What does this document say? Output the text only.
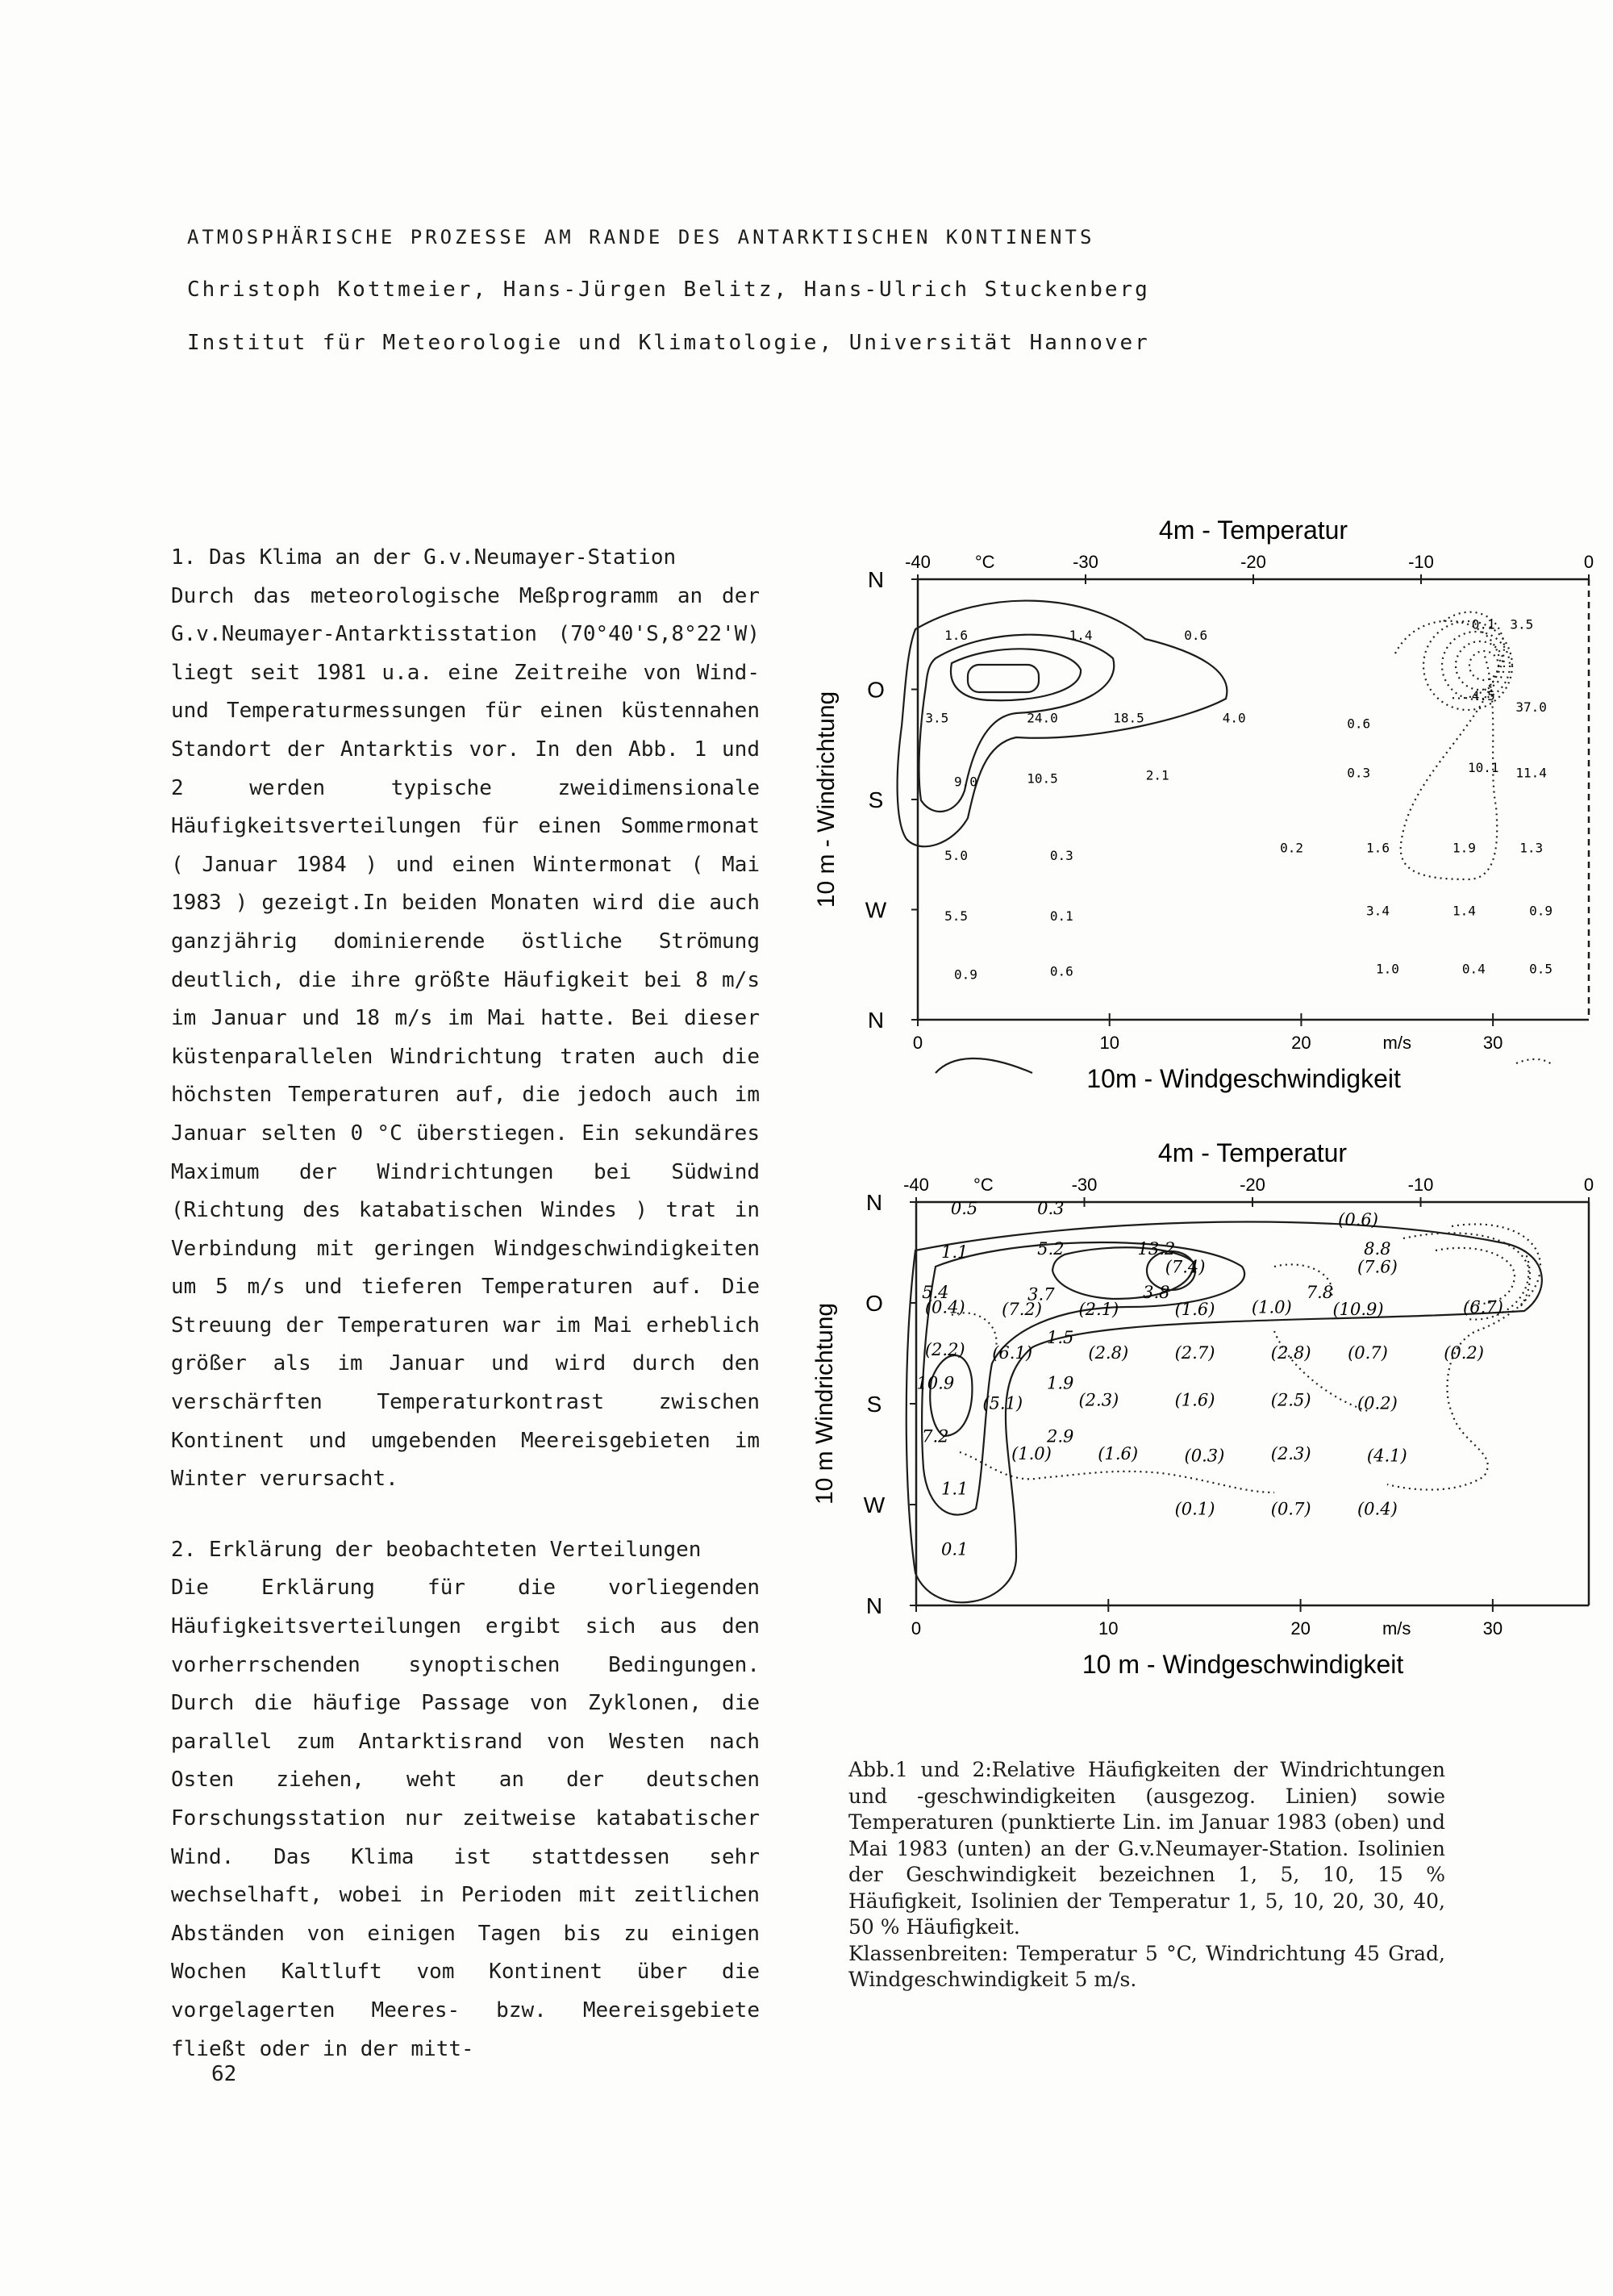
ATMOSPHÄRISCHE PROZESSE AM RANDE DES ANTARKTISCHEN KONTINENTS
Christoph Kottmeier, Hans-Jürgen Belitz, Hans-Ulrich Stuckenberg
Institut für Meteorologie und Klimatologie, Universität Hannover

1. Das Klima an der G.v.Neumayer-Station

Durch das meteorologische Meßprogramm an der G.v.Neumayer-Antarktisstation (70°40'S,8°22'W) liegt seit 1981 u.a. eine Zeitreihe von Wind- und Temperaturmessungen für einen küstennahen Standort der Antarktis vor. In den Abb. 1 und 2 werden typische zweidimensionale Häufigkeitsverteilungen für einen Sommermonat ( Januar 1984 ) und einen Wintermonat ( Mai 1983 ) gezeigt.In beiden Monaten wird die auch ganzjährig dominierende östliche Strömung deutlich, die ihre größte Häufigkeit bei 8 m/s im Januar und 18 m/s im Mai hatte. Bei dieser küstenparallelen Windrichtung traten auch die höchsten Temperaturen auf, die jedoch auch im Januar selten 0 °C überstiegen. Ein sekundäres Maximum der Windrichtungen bei Südwind (Richtung des katabatischen Windes ) trat in Verbindung mit geringen Windgeschwindigkeiten um 5 m/s und tieferen Temperaturen auf. Die Streuung der Temperaturen war im Mai erheblich größer als im Januar und wird durch den verschärften Temperaturkontrast zwischen Kontinent und umgebenden Meereisgebieten im Winter verursacht.

2. Erklärung der beobachteten Verteilungen

Die Erklärung für die vorliegenden Häufigkeitsverteilungen ergibt sich aus den vorherrschenden synoptischen Bedingungen. Durch die häufige Passage von Zyklonen, die parallel zum Antarktisrand von Westen nach Osten ziehen, weht an der deutschen Forschungsstation nur zeitweise katabatischer Wind. Das Klima ist stattdessen sehr wechselhaft, wobei in Perioden mit zeitlichen Abständen von einigen Tagen bis zu einigen Wochen Kaltluft vom Kontinent über die vorgelagerten Meeres- bzw. Meereisgebiete fließt oder in der mitt-

62
4m - Temperatur
-40 °C	-30	-20	-10	0
0	10	20	m/s	30
10m - Windgeschwindigkeit
N
O
S
W
N
10 m - Windrichtung
1.6	1.4	0.6
3.5	24.0	18.5	4.0	0.6
9.0	10.5	2.1	0.3
5.0	0.3
0.2	1.6	1.9	1.3
5.5	0.1	3.4	1.4	0.9
0.9	0.6	1.0	0.4	0.5
0.1 3.5
4.5
37.0
10.1 11.4
4m - Temperatur
-40	°C	-30	-20	-10	0
0	10	20	m/s	30
10 m - Windgeschwindigkeit
N
O
S
W
N
10 m Windrichtung
0.5	0.3
(0.6)
1.1	5.2	13.2	8.8
(7.4)	(7.6)
5.4	3.7	3.8	7.8
(0.4) (7.2) (2.1)	(1.6) (1.0) (10.9)	(6.7)
1.5
(2.2) (6.1)	(2.8)	(2.7)	(2.8) (0.7)	(0.2)
10.9	1.9
(5.1)	(2.3)	(1.6)	(2.5)	(0.2)
7.2	2.9
(1.0)	(1.6)	(0.3)	(2.3)	(4.1)
1.1
(0.1)	(0.7)	(0.4)
0.1

Abb.1 und 2:Relative Häufigkeiten der Windrichtungen und -geschwindigkeiten (ausgezog. Linien) sowie Temperaturen (punktierte Lin. im Januar 1983 (oben) und Mai 1983 (unten) an der G.v.Neumayer-Station. Isolinien der Geschwindigkeit bezeichnen 1, 5, 10, 15 % Häufigkeit, Isolinien der Temperatur 1, 5, 10, 20, 30, 40, 50 % Häufigkeit.

Klassenbreiten: Temperatur 5 °C, Windrichtung 45 Grad, Windgeschwindigkeit 5 m/s.
